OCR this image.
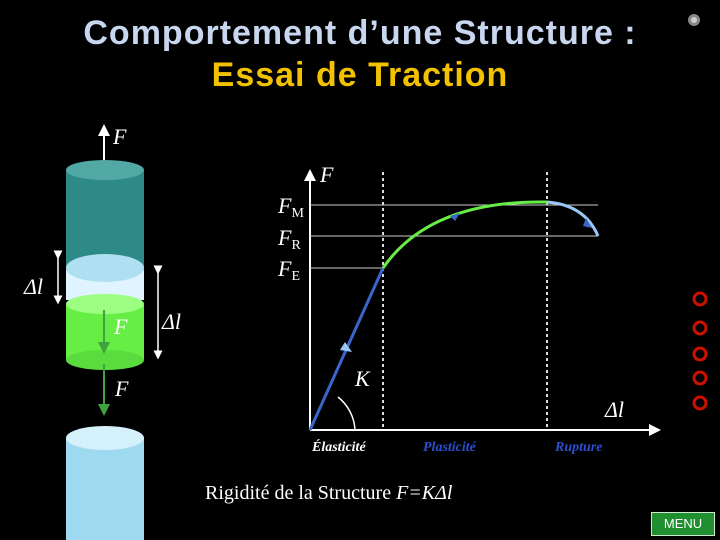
Comportement d’une Structure :
Essai de Traction
F
F
F
Δl
Δl
F
Δl
$F_M$
$F_R$
$F_E$
K
Élasticité	Plasticité	Rupture
Rigidité de la Structure F=KΔl
MENU
